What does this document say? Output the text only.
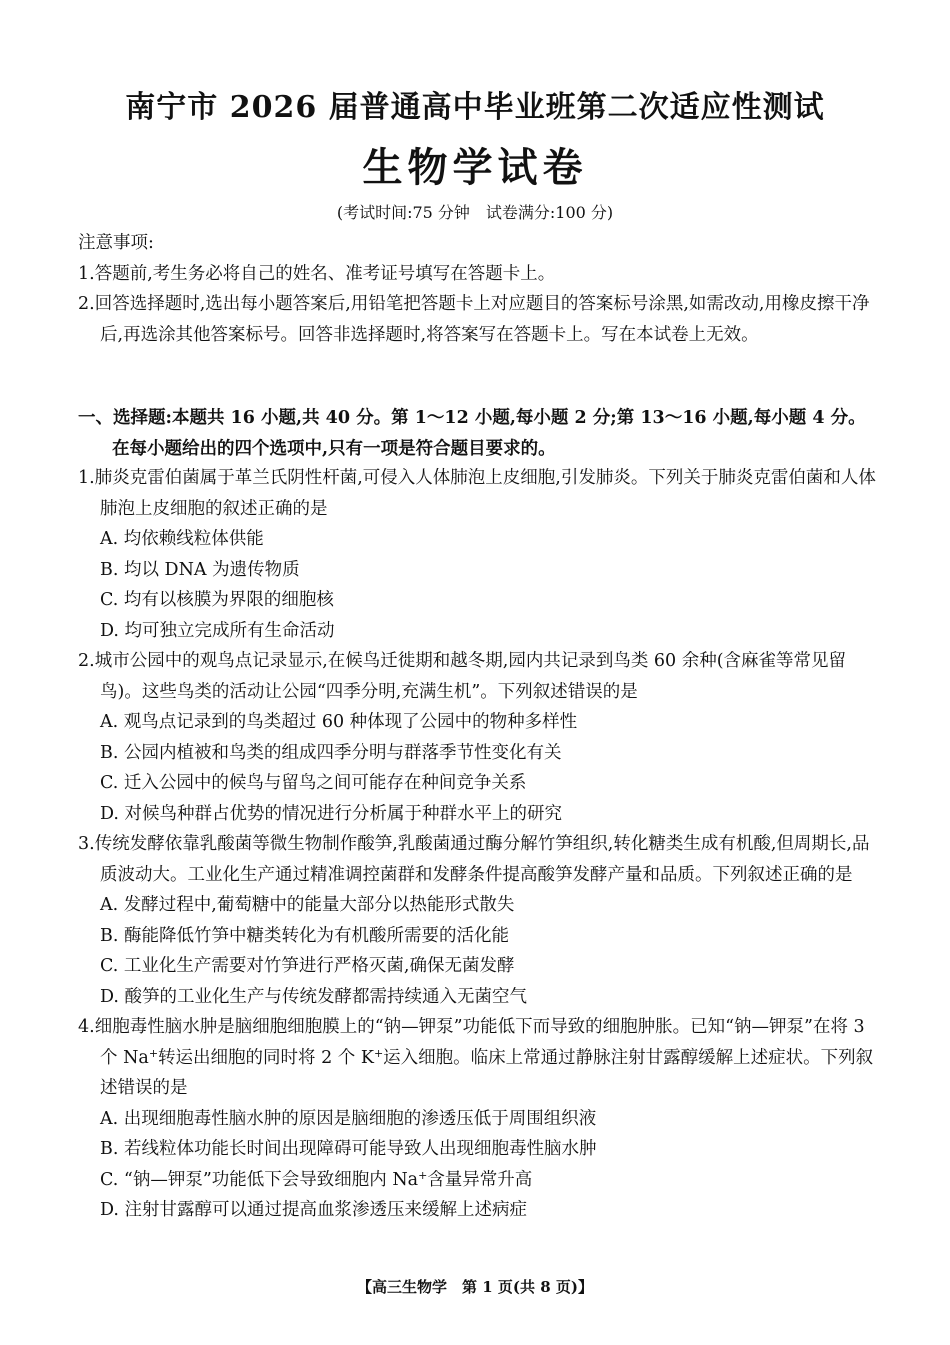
南宁市 2026 届普通高中毕业班第二次适应性测试
生物学试卷
(考试时间:75 分钟　试卷满分:100 分)
注意事项:
1.答题前,考生务必将自己的姓名、准考证号填写在答题卡上。
2.回答选择题时,选出每小题答案后,用铅笔把答题卡上对应题目的答案标号涂黑,如需改动,用橡皮擦干净后,再选涂其他答案标号。回答非选择题时,将答案写在答题卡上。写在本试卷上无效。
一、选择题:本题共 16 小题,共 40 分。第 1～12 小题,每小题 2 分;第 13～16 小题,每小题 4 分。在每小题给出的四个选项中,只有一项是符合题目要求的。
1.肺炎克雷伯菌属于革兰氏阴性杆菌,可侵入人体肺泡上皮细胞,引发肺炎。下列关于肺炎克雷伯菌和人体肺泡上皮细胞的叙述正确的是
A. 均依赖线粒体供能
B. 均以 DNA 为遗传物质
C. 均有以核膜为界限的细胞核
D. 均可独立完成所有生命活动
2.城市公园中的观鸟点记录显示,在候鸟迁徙期和越冬期,园内共记录到鸟类 60 余种(含麻雀等常见留鸟)。这些鸟类的活动让公园“四季分明,充满生机”。下列叙述错误的是
A. 观鸟点记录到的鸟类超过 60 种体现了公园中的物种多样性
B. 公园内植被和鸟类的组成四季分明与群落季节性变化有关
C. 迁入公园中的候鸟与留鸟之间可能存在种间竞争关系
D. 对候鸟种群占优势的情况进行分析属于种群水平上的研究
3.传统发酵依靠乳酸菌等微生物制作酸笋,乳酸菌通过酶分解竹笋组织,转化糖类生成有机酸,但周期长,品质波动大。工业化生产通过精准调控菌群和发酵条件提高酸笋发酵产量和品质。下列叙述正确的是
A. 发酵过程中,葡萄糖中的能量大部分以热能形式散失
B. 酶能降低竹笋中糖类转化为有机酸所需要的活化能
C. 工业化生产需要对竹笋进行严格灭菌,确保无菌发酵
D. 酸笋的工业化生产与传统发酵都需持续通入无菌空气
4.细胞毒性脑水肿是脑细胞细胞膜上的“钠—钾泵”功能低下而导致的细胞肿胀。已知“钠—钾泵”在将 3 个 Na+转运出细胞的同时将 2 个 K+运入细胞。临床上常通过静脉注射甘露醇缓解上述症状。下列叙述错误的是
A. 出现细胞毒性脑水肿的原因是脑细胞的渗透压低于周围组织液
B. 若线粒体功能长时间出现障碍可能导致人出现细胞毒性脑水肿
C. “钠—钾泵”功能低下会导致细胞内 Na+含量异常升高
D. 注射甘露醇可以通过提高血浆渗透压来缓解上述病症
【高三生物学　第 1 页(共 8 页)】
